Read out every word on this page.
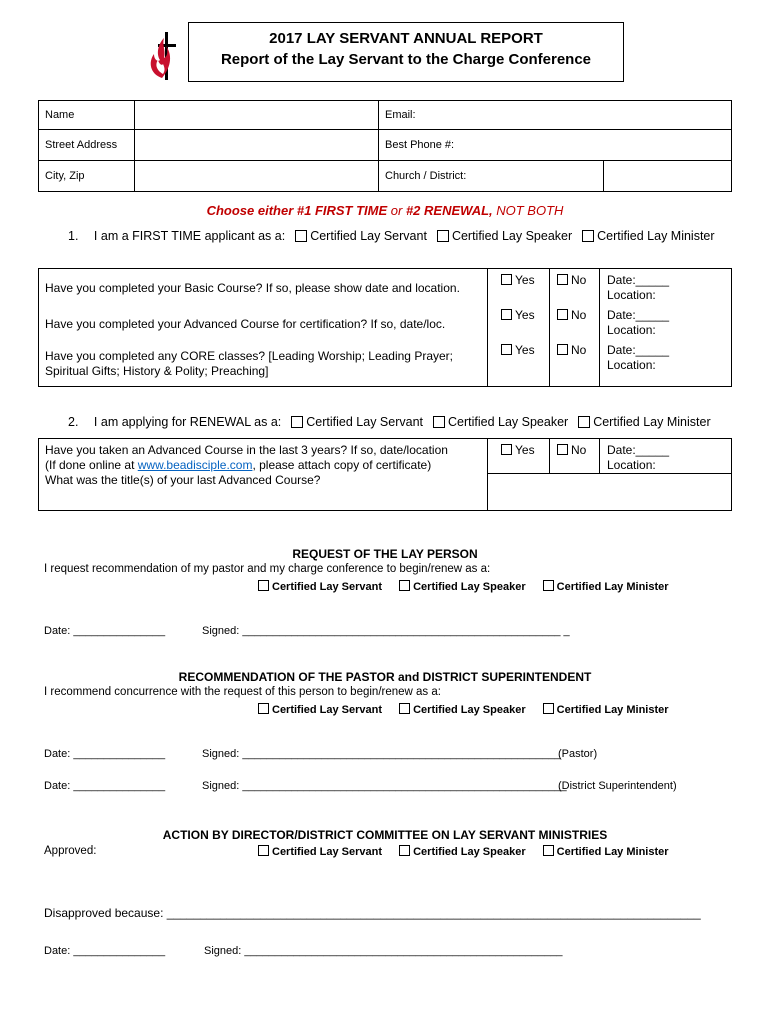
2017 LAY SERVANT ANNUAL REPORT
Report of the Lay Servant to the Charge Conference
Name		Email:	
Street Address		Best Phone #:	
City, Zip		Church / District:	
Choose either #1 FIRST TIME or #2 RENEWAL, NOT BOTH
1. I am a FIRST TIME applicant as a: Certified Lay Servant Certified Lay Speaker Certified Lay Minister
Have you completed your Basic Course? If so, please show date and location.
Yes	No Date:_____
Location:
Have you completed your Advanced Course for certification? If so, date/loc.
Yes	No Date:_____
Location:
Have you completed any CORE classes? [Leading Worship; Leading Prayer;
Spiritual Gifts; History & Polity; Preaching]
Yes	No Date:_____
Location:
2. I am applying for RENEWAL as a: Certified Lay Servant Certified Lay Speaker Certified Lay Minister
Have you taken an Advanced Course in the last 3 years? If so, date/location
(If done online at www.beadisciple.com, please attach copy of certificate)
What was the title(s) of your last Advanced Course?
Yes	No Date:_____
Location:
REQUEST OF THE LAY PERSON
I request recommendation of my pastor and my charge conference to begin/renew as a:
Certified Lay Servant	Certified Lay Speaker	Certified Lay Minister
Date: _______________	Signed: ____________________________________________________ _
RECOMMENDATION OF THE PASTOR and DISTRICT SUPERINTENDENT
I recommend concurrence with the request of this person to begin/renew as a:
Certified Lay Servant	Certified Lay Speaker	Certified Lay Minister
Date: _______________	Signed: ____________________________________________________
(Pastor)
Date: _______________	Signed: _____________________________________________________
(District Superintendent)
ACTION BY DIRECTOR/DISTRICT COMMITTEE ON LAY SERVANT MINISTRIES
Approved:	Certified Lay Servant	Certified Lay Speaker	Certified Lay Minister
Disapproved because: ________________________________________________________________________________
Date: _______________	Signed: ____________________________________________________
